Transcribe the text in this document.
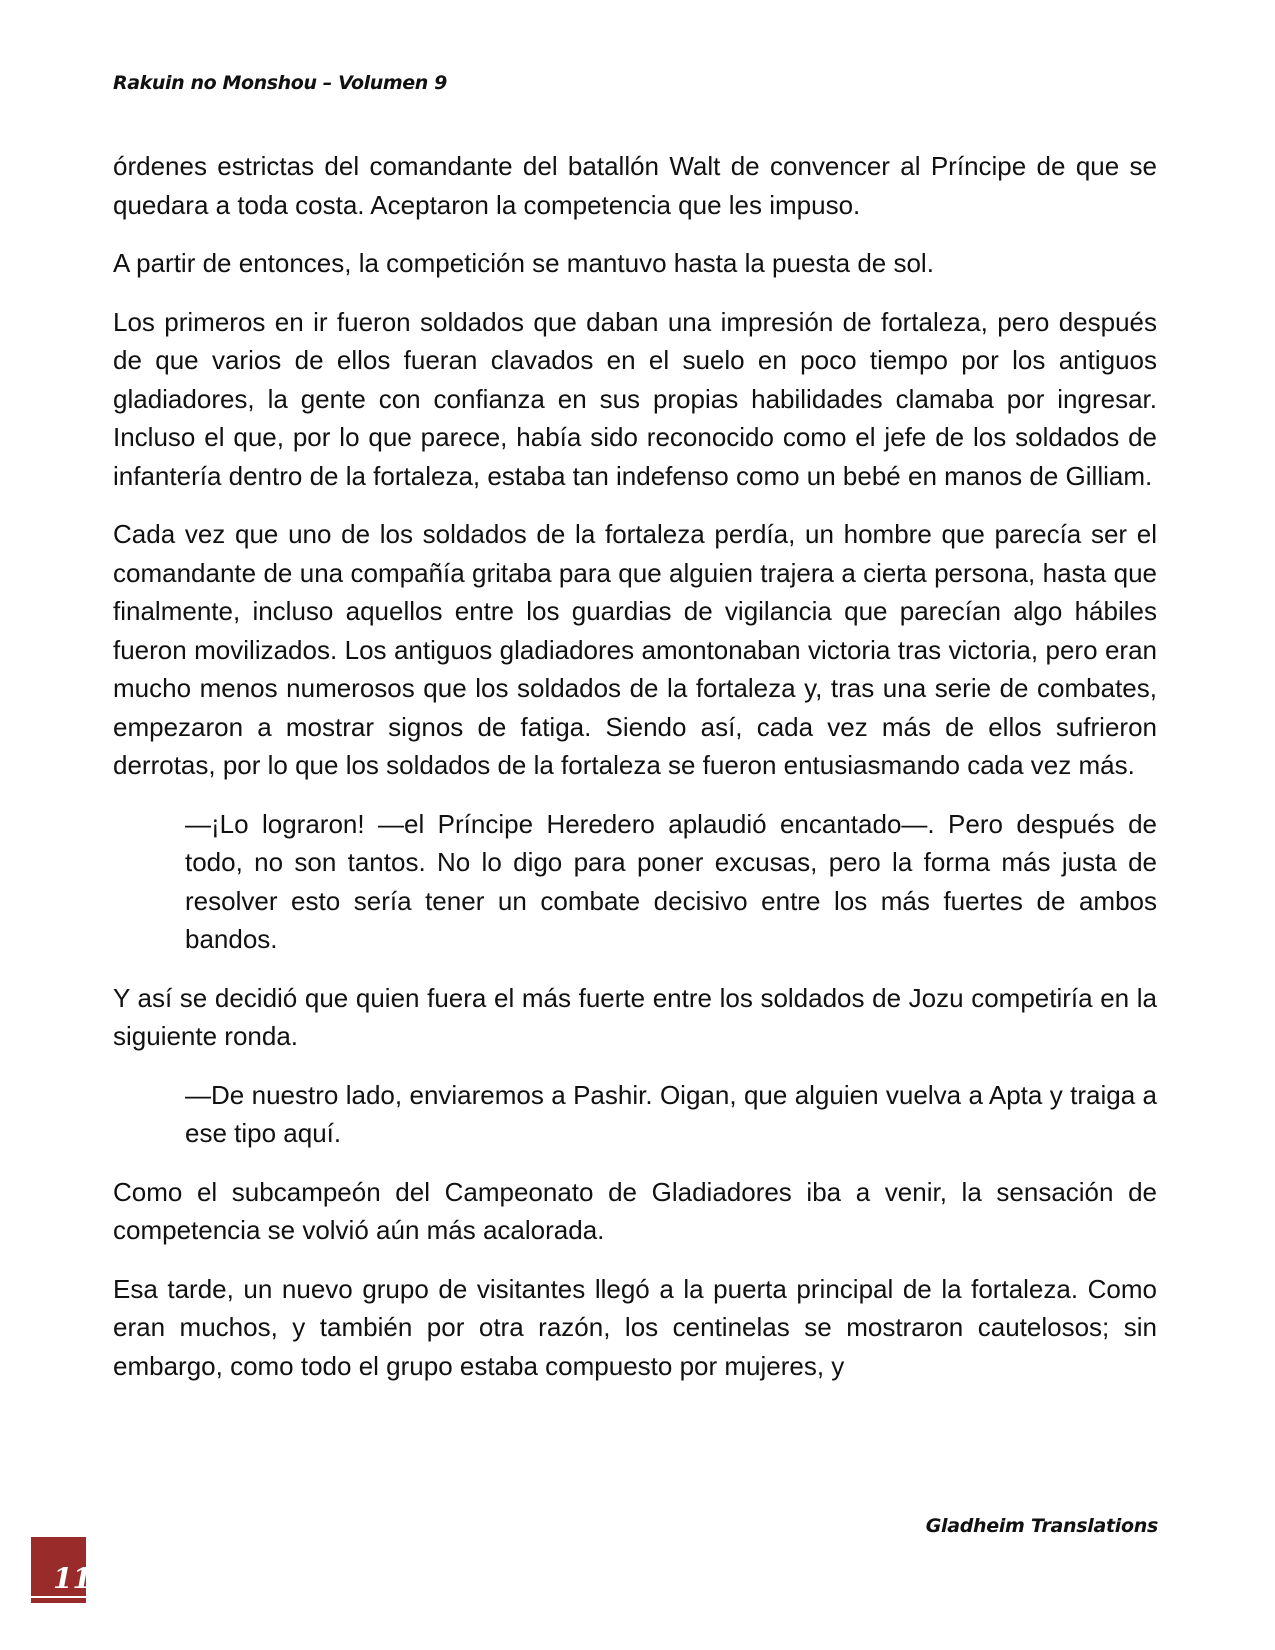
Rakuin no Monshou – Volumen 9

órdenes estrictas del comandante del batallón Walt de convencer al Príncipe de que se quedara a toda costa. Aceptaron la competencia que les impuso.

A partir de entonces, la competición se mantuvo hasta la puesta de sol.

Los primeros en ir fueron soldados que daban una impresión de fortaleza, pero después de que varios de ellos fueran clavados en el suelo en poco tiempo por los antiguos gladiadores, la gente con confianza en sus propias habilidades clamaba por ingresar. Incluso el que, por lo que parece, había sido reconocido como el jefe de los soldados de infantería dentro de la fortaleza, estaba tan indefenso como un bebé en manos de Gilliam.

Cada vez que uno de los soldados de la fortaleza perdía, un hombre que parecía ser el comandante de una compañía gritaba para que alguien trajera a cierta persona, hasta que finalmente, incluso aquellos entre los guardias de vigilancia que parecían algo hábiles fueron movilizados. Los antiguos gladiadores amontonaban victoria tras victoria, pero eran mucho menos numerosos que los soldados de la fortaleza y, tras una serie de combates, empezaron a mostrar signos de fatiga. Siendo así, cada vez más de ellos sufrieron derrotas, por lo que los soldados de la fortaleza se fueron entusiasmando cada vez más.

—¡Lo lograron! —el Príncipe Heredero aplaudió encantado—. Pero después de todo, no son tantos. No lo digo para poner excusas, pero la forma más justa de resolver esto sería tener un combate decisivo entre los más fuertes de ambos bandos.

Y así se decidió que quien fuera el más fuerte entre los soldados de Jozu competiría en la siguiente ronda.

—De nuestro lado, enviaremos a Pashir. Oigan, que alguien vuelva a Apta y traiga a ese tipo aquí.

Como el subcampeón del Campeonato de Gladiadores iba a venir, la sensación de competencia se volvió aún más acalorada.

Esa tarde, un nuevo grupo de visitantes llegó a la puerta principal de la fortaleza. Como eran muchos, y también por otra razón, los centinelas se mostraron cautelosos; sin embargo, como todo el grupo estaba compuesto por mujeres, y

Gladheim Translations
11
